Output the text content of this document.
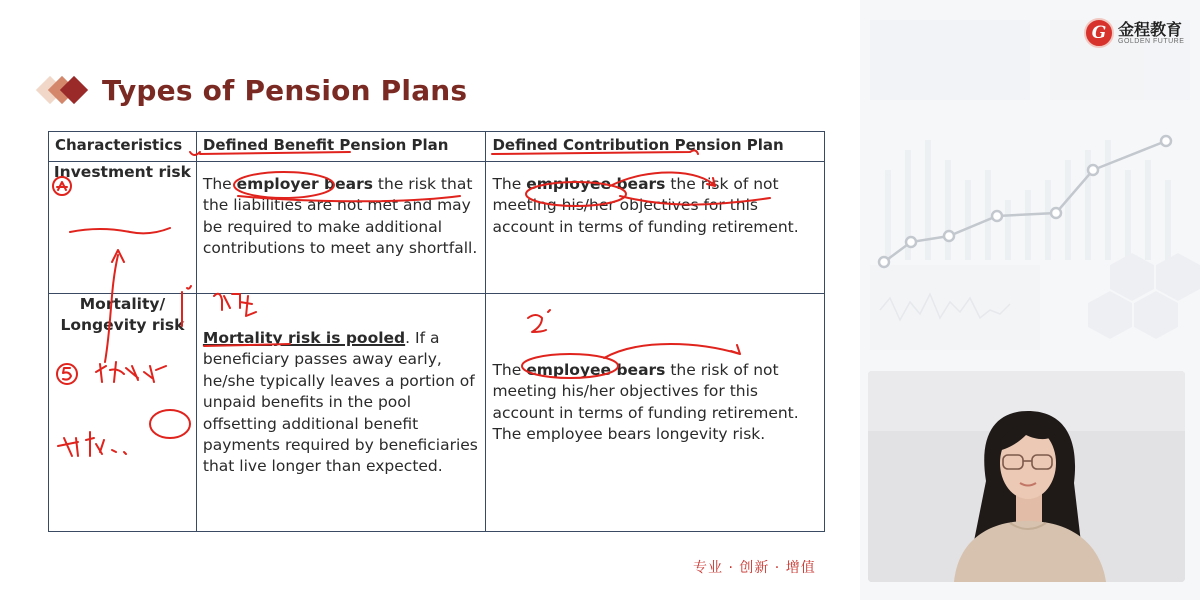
Types of Pension Plans
Characteristics	Defined Benefit Pension Plan	Defined Contribution Pension Plan
Investment risk	The employer bears the risk that the liabilities are not met and may be required to make additional contributions to meet any shortfall.	The employee bears the risk of not meeting his/her objectives for this account in terms of funding retirement.

Mortality/
Longevity risk	Mortality risk is pooled. If a beneficiary passes away early, he/she typically leaves a portion of unpaid benefits in the pool offsetting additional benefit payments required by beneficiaries that live longer than expected.	The employee bears the risk of not meeting his/her objectives for this account in terms of funding retirement. The employee bears longevity risk.
专业 · 创新 · 增值
G 金程教育
GOLDEN FUTURE
